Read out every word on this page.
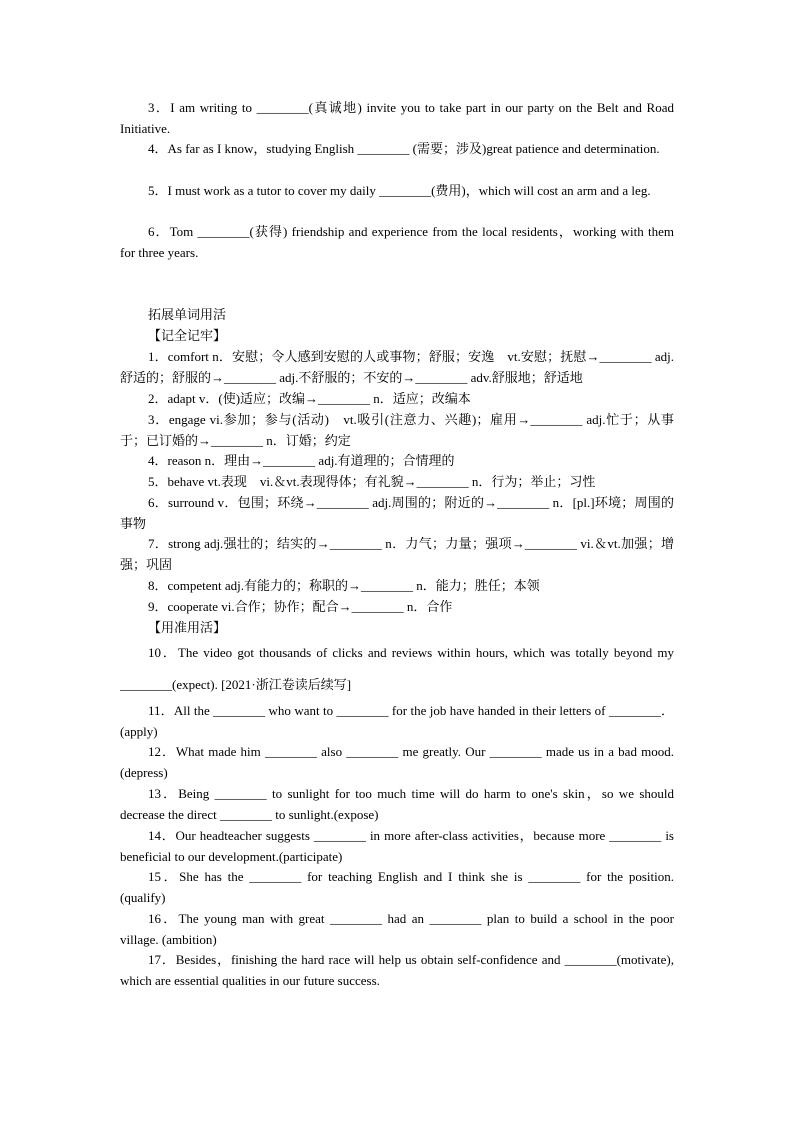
3．I am writing to ________(真诚地) invite you to take part in our party on the Belt and Road Initiative.

4．As far as I know，studying English ________ (需要；涉及)great patience and determination.

5．I must work as a tutor to cover my daily ________(费用)，which will cost an arm and a leg.

6．Tom ________(获得) friendship and experience from the local residents，working with them for three years.

拓展单词用活

【记全记牢】

1．comfort n．安慰；令人感到安慰的人或事物；舒服；安逸　vt.安慰；抚慰→________ adj.舒适的；舒服的→________ adj.不舒服的；不安的→________ adv.舒服地；舒适地

2．adapt v．(使)适应；改编→________ n．适应；改编本

3．engage vi.参加；参与(活动)　vt.吸引(注意力、兴趣)；雇用→________ adj.忙于；从事于；已订婚的→________ n．订婚；约定

4．reason n．理由→________ adj.有道理的；合情理的

5．behave vt.表现　vi.＆vt.表现得体；有礼貌→________ n．行为；举止；习性

6．surround v．包围；环绕→________ adj.周围的；附近的→________ n．[pl.]环境；周围的事物

7．strong adj.强壮的；结实的→________ n．力气；力量；强项→________ vi.＆vt.加强；增强；巩固

8．competent adj.有能力的；称职的→________ n．能力；胜任；本领

9．cooperate vi.合作；协作；配合→________ n．合作

【用准用活】

10．The video got thousands of clicks and reviews within hours, which was totally beyond my ________(expect). [2021·浙江卷读后续写]

11．All the ________ who want to ________ for the job have handed in their letters of ________．(apply)

12．What made him ________ also ________ me greatly. Our ________ made us in a bad mood.(depress)

13．Being ________ to sunlight for too much time will do harm to one's skin，so we should decrease the direct ________ to sunlight.(expose)

14．Our headteacher suggests ________ in more after-class activities，because more ________ is beneficial to our development.(participate)

15．She has the ________ for teaching English and I think she is ________ for the position.(qualify)

16．The young man with great ________ had an ________ plan to build a school in the poor village. (ambition)

17．Besides，finishing the hard race will help us obtain self-confidence and ________(motivate), which are essential qualities in our future success.
